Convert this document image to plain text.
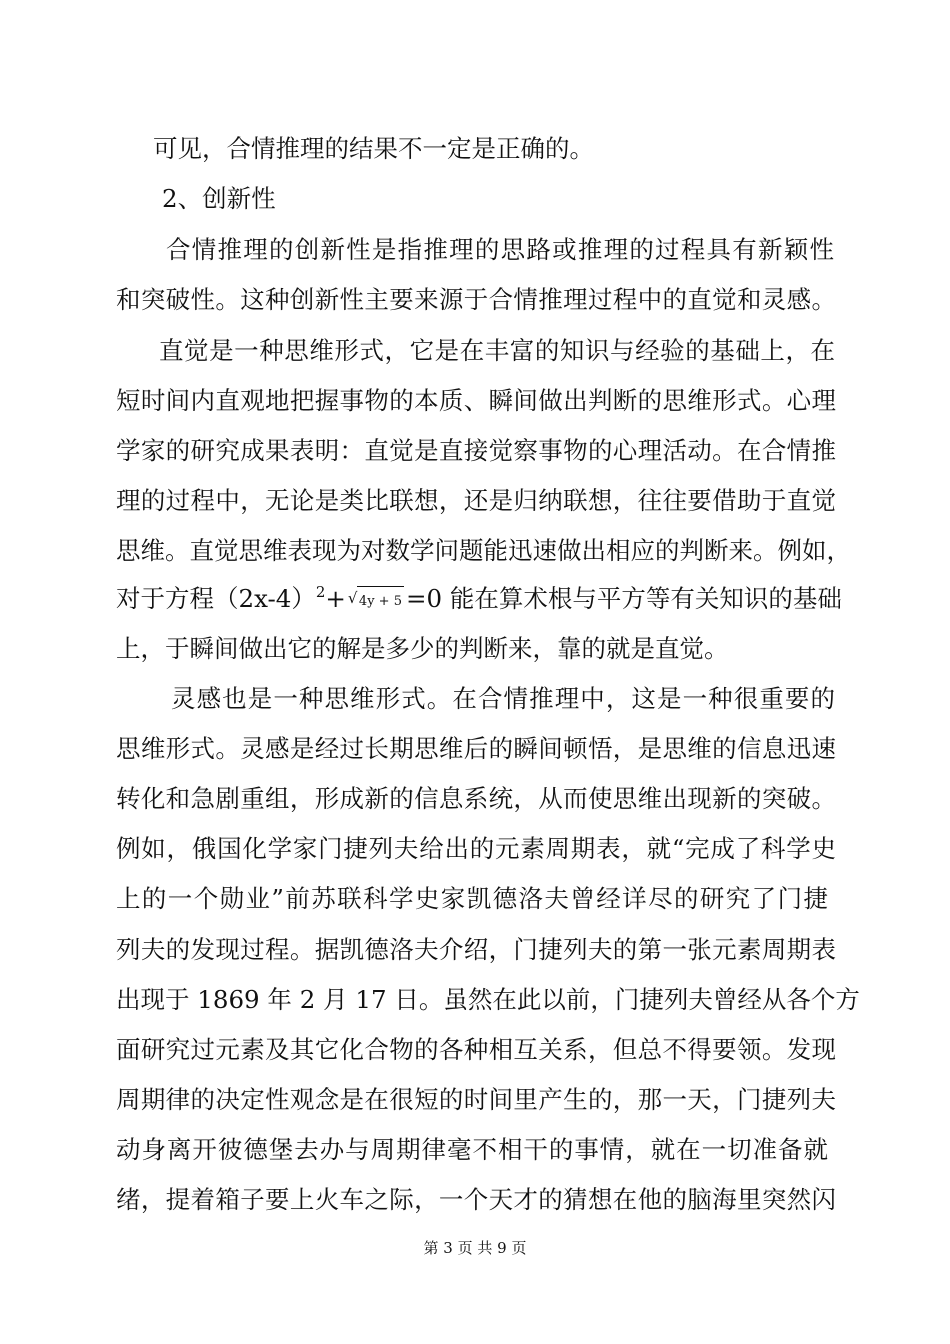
可见，合情推理的结果不一定是正确的。
2、创新性
合情推理的创新性是指推理的思路或推理的过程具有新颖性
和突破性。这种创新性主要来源于合情推理过程中的直觉和灵感。
直觉是一种思维形式，它是在丰富的知识与经验的基础上，在
短时间内直观地把握事物的本质、瞬间做出判断的思维形式。心理
学家的研究成果表明：直觉是直接觉察事物的心理活动。在合情推
理的过程中，无论是类比联想，还是归纳联想，往往要借助于直觉
思维。直觉思维表现为对数学问题能迅速做出相应的判断来。例如，
对于方程$(2x-4)^2+$ √ 4y + 5 =0 能在算术根与平方等有关知识的基础
上，于瞬间做出它的解是多少的判断来，靠的就是直觉。
灵感也是一种思维形式。在合情推理中，这是一种很重要的
思维形式。灵感是经过长期思维后的瞬间顿悟，是思维的信息迅速
转化和急剧重组，形成新的信息系统，从而使思维出现新的突破。
例如，俄国化学家门捷列夫给出的元素周期表，就“完成了科学史
上的一个勋业”前苏联科学史家凯德洛夫曾经详尽的研究了门捷
列夫的发现过程。据凯德洛夫介绍，门捷列夫的第一张元素周期表
出现于 1869 年 2 月 17 日。虽然在此以前，门捷列夫曾经从各个方
面研究过元素及其它化合物的各种相互关系，但总不得要领。发现
周期律的决定性观念是在很短的时间里产生的，那一天，门捷列夫
动身离开彼德堡去办与周期律毫不相干的事情，就在一切准备就
绪，提着箱子要上火车之际，一个天才的猜想在他的脑海里突然闪
第 3 页 共 9 页
